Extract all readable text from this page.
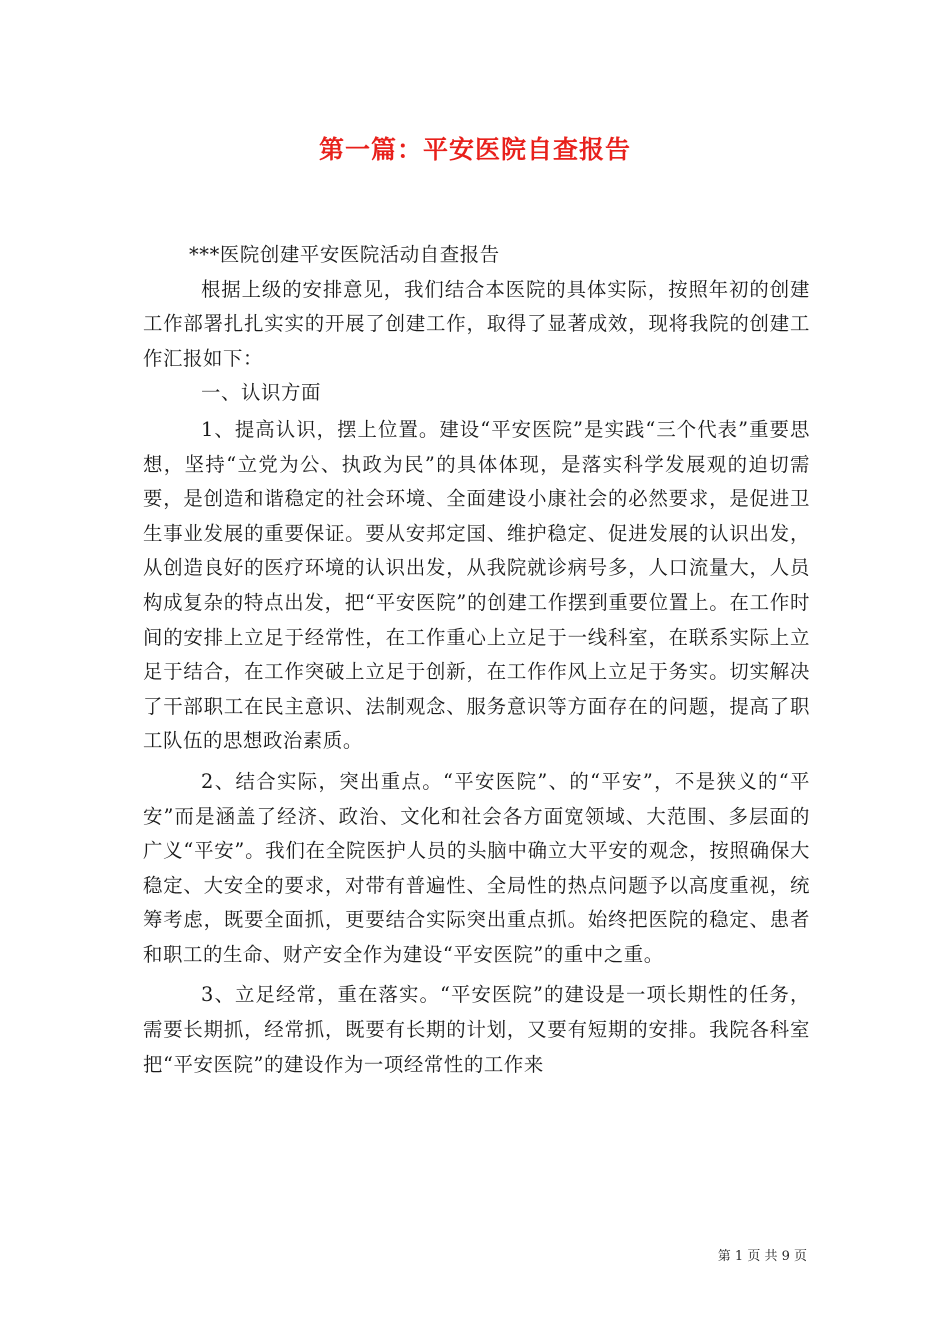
第一篇：平安医院自查报告

***医院创建平安医院活动自查报告

根据上级的安排意见，我们结合本医院的具体实际，按照年初的创建工作部署扎扎实实的开展了创建工作，取得了显著成效，现将我院的创建工作汇报如下：

一、认识方面

1、提高认识，摆上位置。建设“平安医院”是实践“三个代表”重要思想，坚持“立党为公、执政为民”的具体体现，是落实科学发展观的迫切需要，是创造和谐稳定的社会环境、全面建设小康社会的必然要求，是促进卫生事业发展的重要保证。要从安邦定国、维护稳定、促进发展的认识出发，从创造良好的医疗环境的认识出发，从我院就诊病号多，人口流量大，人员构成复杂的特点出发，把“平安医院”的创建工作摆到重要位置上。在工作时间的安排上立足于经常性，在工作重心上立足于一线科室，在联系实际上立足于结合，在工作突破上立足于创新，在工作作风上立足于务实。切实解决了干部职工在民主意识、法制观念、服务意识等方面存在的问题，提高了职工队伍的思想政治素质。

2、结合实际，突出重点。“平安医院”、的“平安”，不是狭义的“平安”而是涵盖了经济、政治、文化和社会各方面宽领域、大范围、多层面的广义“平安”。我们在全院医护人员的头脑中确立大平安的观念，按照确保大稳定、大安全的要求，对带有普遍性、全局性的热点问题予以高度重视，统筹考虑，既要全面抓，更要结合实际突出重点抓。始终把医院的稳定、患者和职工的生命、财产安全作为建设“平安医院”的重中之重。

3、立足经常，重在落实。“平安医院”的建设是一项长期性的任务，需要长期抓，经常抓，既要有长期的计划，又要有短期的安排。我院各科室把“平安医院”的建设作为一项经常性的工作来

第 1 页 共 9 页
